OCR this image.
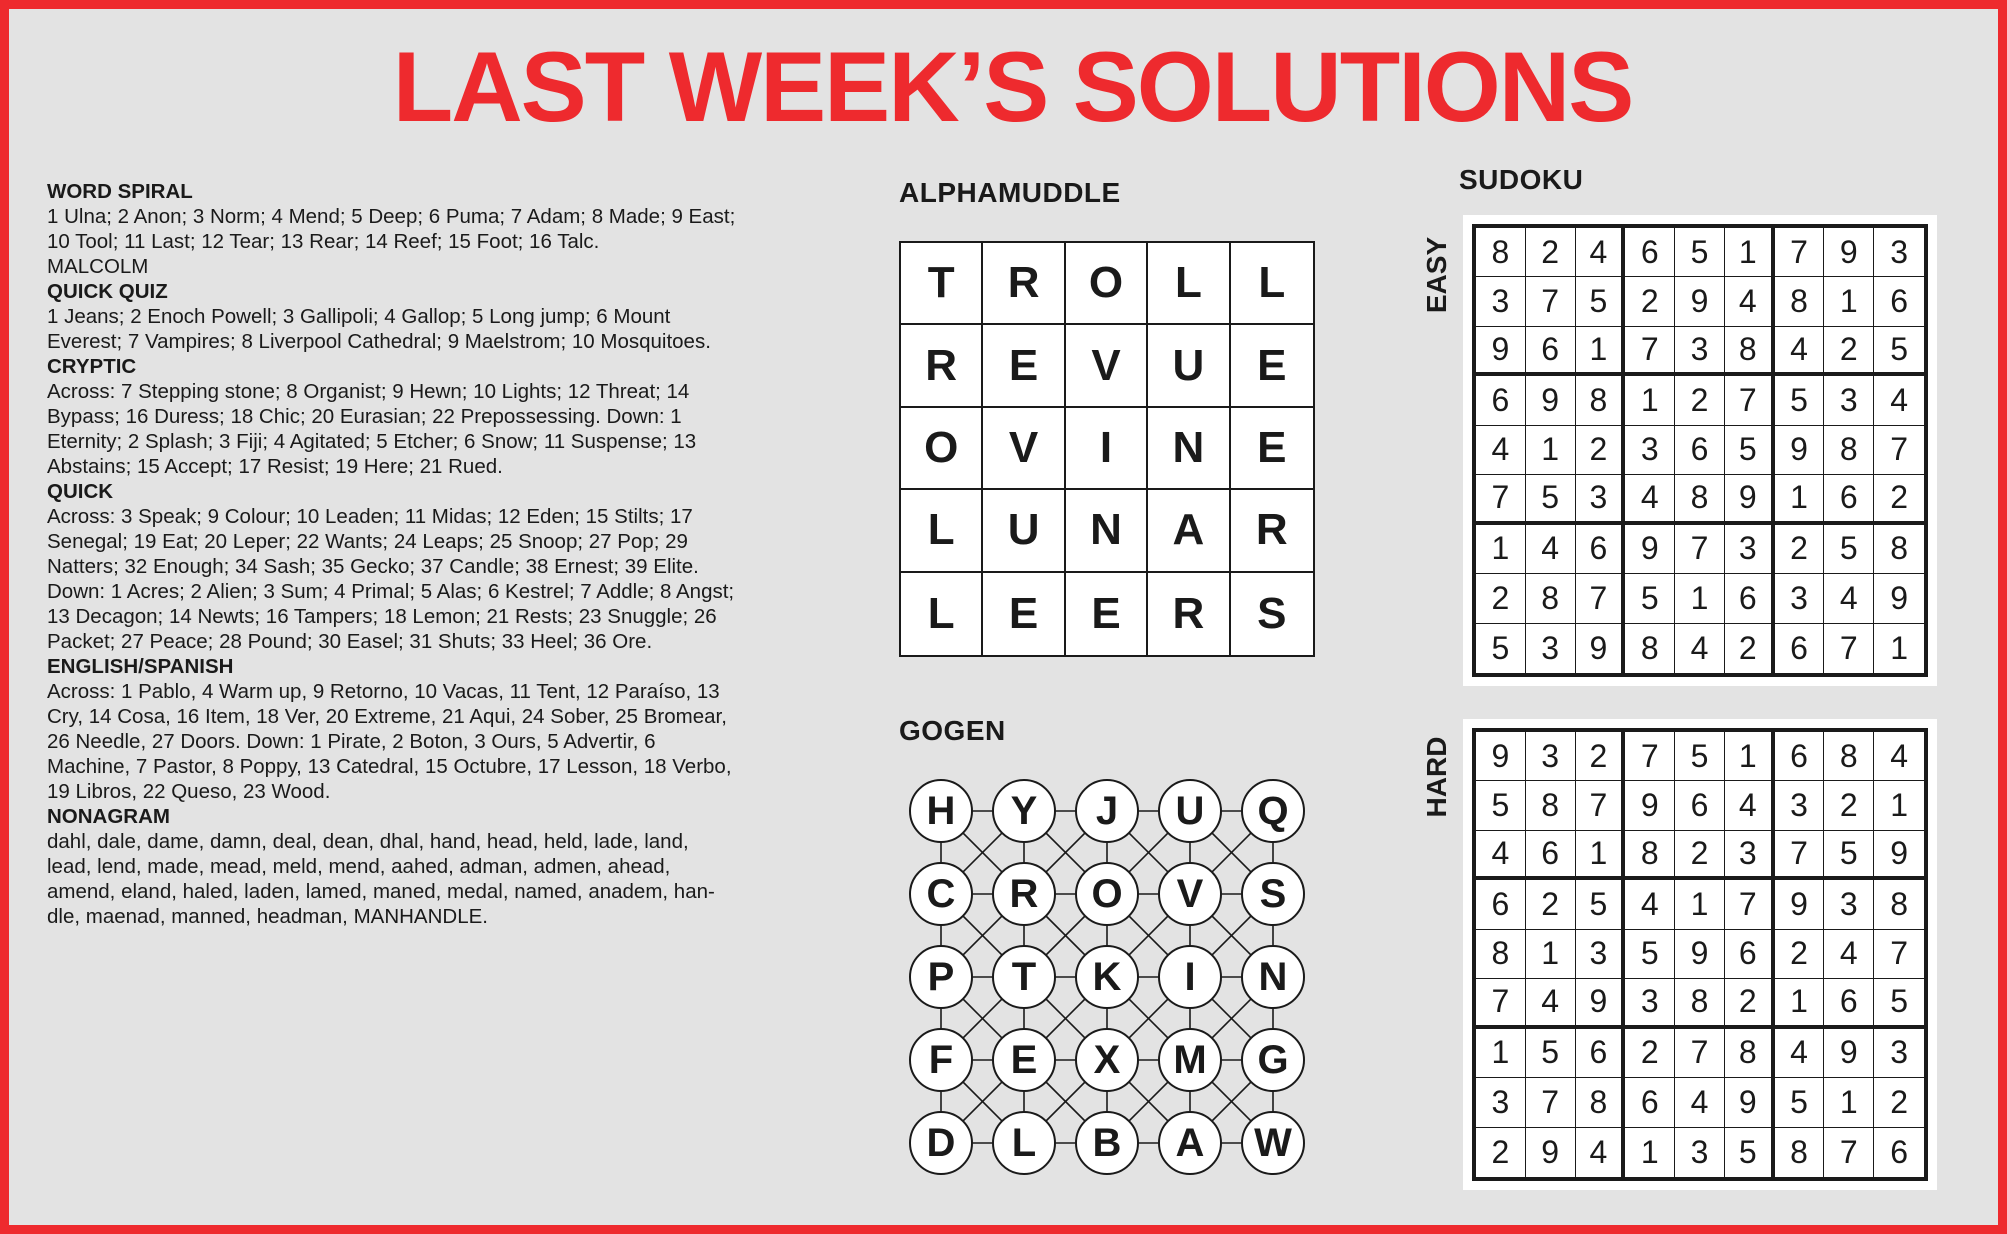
LAST WEEK’S SOLUTIONS
WORD SPIRAL
1 Ulna; 2 Anon; 3 Norm; 4 Mend; 5 Deep; 6 Puma; 7 Adam; 8 Made; 9 East;
10 Tool; 11 Last; 12 Tear; 13 Rear; 14 Reef; 15 Foot; 16 Talc.
MALCOLM
QUICK QUIZ
1 Jeans; 2 Enoch Powell; 3 Gallipoli; 4 Gallop; 5 Long jump; 6 Mount
Everest; 7 Vampires; 8 Liverpool Cathedral; 9 Maelstrom; 10 Mosquitoes.
CRYPTIC
Across: 7 Stepping stone; 8 Organist; 9 Hewn; 10 Lights; 12 Threat; 14
Bypass; 16 Duress; 18 Chic; 20 Eurasian; 22 Prepossessing. Down: 1
Eternity; 2 Splash; 3 Fiji; 4 Agitated; 5 Etcher; 6 Snow; 11 Suspense; 13
Abstains; 15 Accept; 17 Resist; 19 Here; 21 Rued.
QUICK
Across: 3 Speak; 9 Colour; 10 Leaden; 11 Midas; 12 Eden; 15 Stilts; 17
Senegal; 19 Eat; 20 Leper; 22 Wants; 24 Leaps; 25 Snoop; 27 Pop; 29
Natters; 32 Enough; 34 Sash; 35 Gecko; 37 Candle; 38 Ernest; 39 Elite.
Down: 1 Acres; 2 Alien; 3 Sum; 4 Primal; 5 Alas; 6 Kestrel; 7 Addle; 8 Angst;
13 Decagon; 14 Newts; 16 Tampers; 18 Lemon; 21 Rests; 23 Snuggle; 26
Packet; 27 Peace; 28 Pound; 30 Easel; 31 Shuts; 33 Heel; 36 Ore.
ENGLISH/SPANISH
Across: 1 Pablo, 4 Warm up, 9 Retorno, 10 Vacas, 11 Tent, 12 Paraíso, 13
Cry, 14 Cosa, 16 Item, 18 Ver, 20 Extreme, 21 Aqui, 24 Sober, 25 Bromear,
26 Needle, 27 Doors. Down: 1 Pirate, 2 Boton, 3 Ours, 5 Advertir, 6
Machine, 7 Pastor, 8 Poppy, 13 Catedral, 15 Octubre, 17 Lesson, 18 Verbo,
19 Libros, 22 Queso, 23 Wood.
NONAGRAM
dahl, dale, dame, damn, deal, dean, dhal, hand, head, held, lade, land,
lead, lend, made, mead, meld, mend, aahed, adman, admen, ahead,
amend, eland, haled, laden, lamed, maned, medal, named, anadem, han-
dle, maenad, manned, headman, MANHANDLE.
ALPHAMUDDLE
T	R	O	L	L
R	E	V	U	E
O	V	I	N	E
L	U	N	A	R
L	E	E	R	S
GOGEN
H	Y	J	U	Q
C	R	O	V	S
P	T	K	I	N
F	E	X	M	G
D	L	B	A	W
SUDOKU
8 2 4	6 5 1	7 9	3
3 7 5	2 9 4	8 1	6
9 6 1	7 3 8	4 2	5
6 9 8	1 2 7	5 3	4
4 1 2	3 6 5	9 8	7
7 5 3	4 8 9	1 6	2
1 4 6	9 7 3	2 5	8
2 8 7	5 1 6	3 4	9
5 3 9	8 4 2	6 7	1
EASY
9 3 2	7 5 1	6 8	4
5 8 7	9 6 4	3 2	1
4 6 1	8 2 3	7 5	9
6 2 5	4 1 7	9 3	8
8 1 3	5 9 6	2 4	7
7 4 9	3 8 2	1 6	5
1 5 6	2 7 8	4 9	3
3 7 8	6 4 9	5 1	2
2 9 4	1 3 5	8 7	6
HARD
